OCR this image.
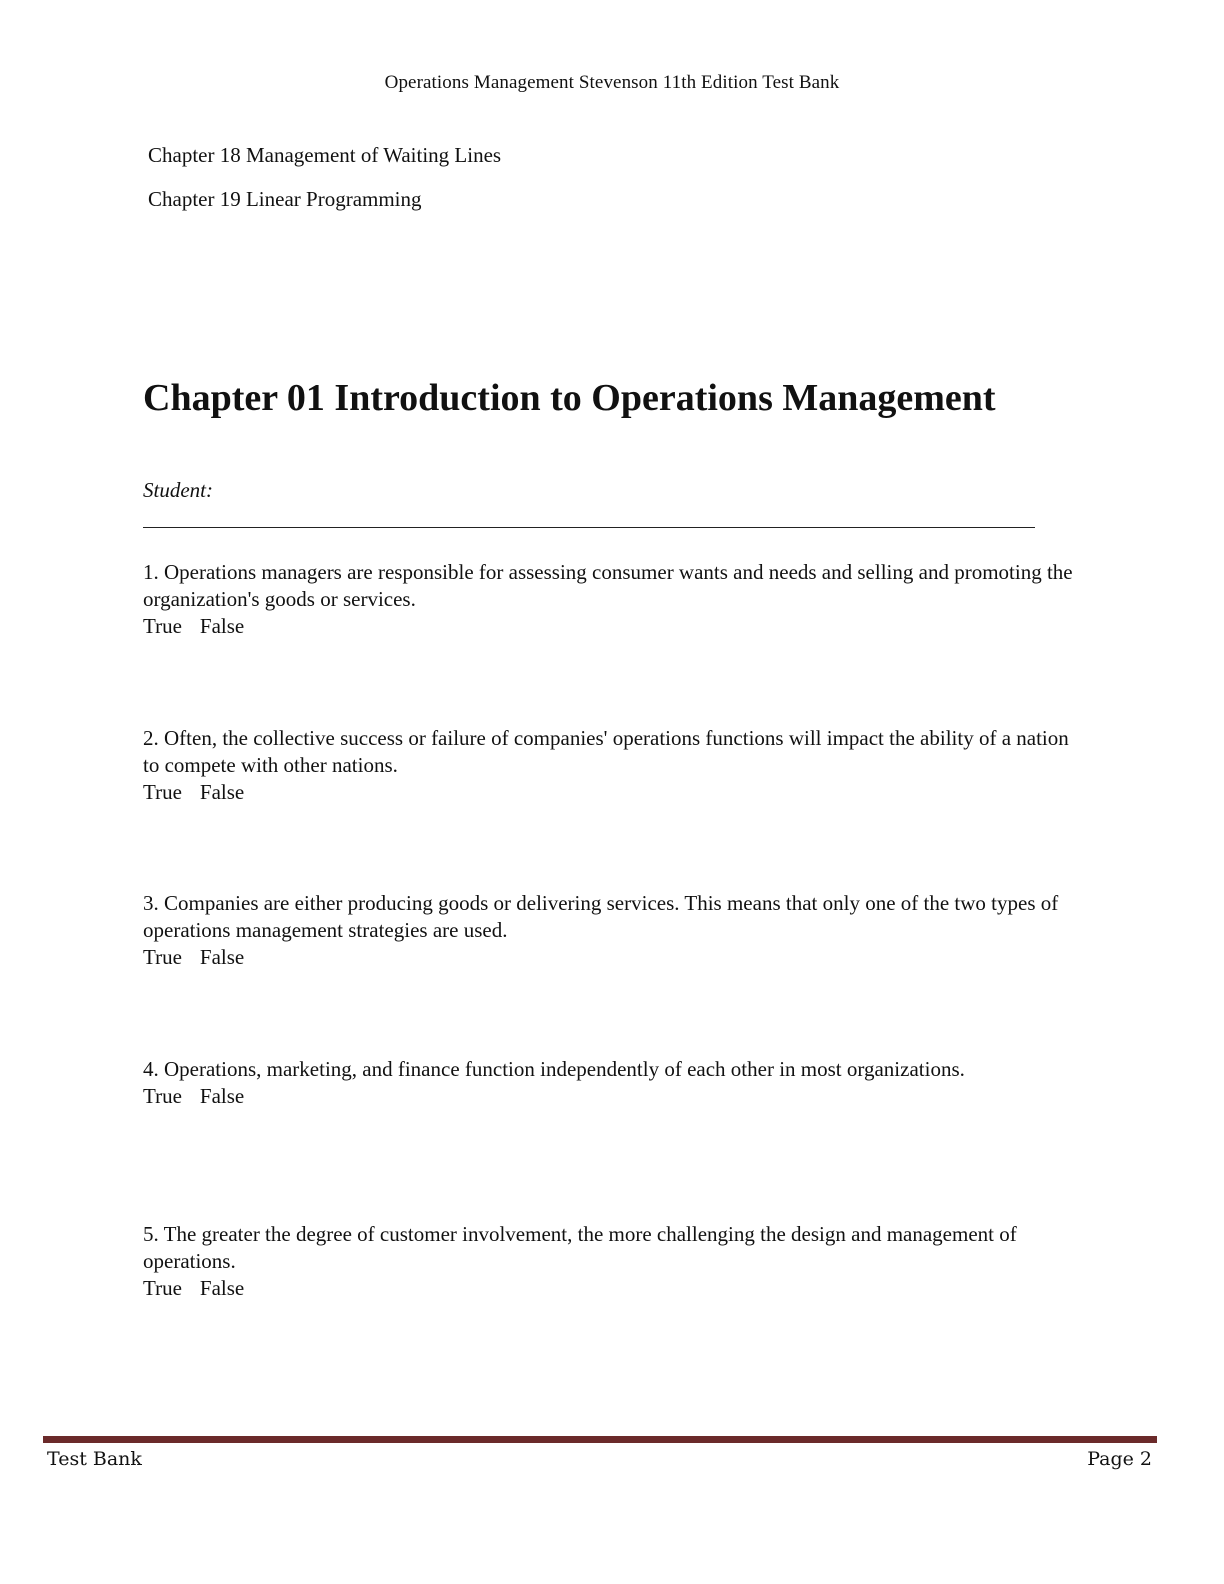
Operations Management Stevenson 11th Edition Test Bank
Chapter 18 Management of Waiting Lines
Chapter 19 Linear Programming
Chapter 01 Introduction to Operations Management
Student:
1. Operations managers are responsible for assessing consumer wants and needs and selling and promoting the organization's goods or services.
True False
2. Often, the collective success or failure of companies' operations functions will impact the ability of a nation to compete with other nations.
True False
3. Companies are either producing goods or delivering services. This means that only one of the two types of operations management strategies are used.
True False
4. Operations, marketing, and finance function independently of each other in most organizations.
True False
5. The greater the degree of customer involvement, the more challenging the design and management of operations.
True False
Test Bank	Page 2
